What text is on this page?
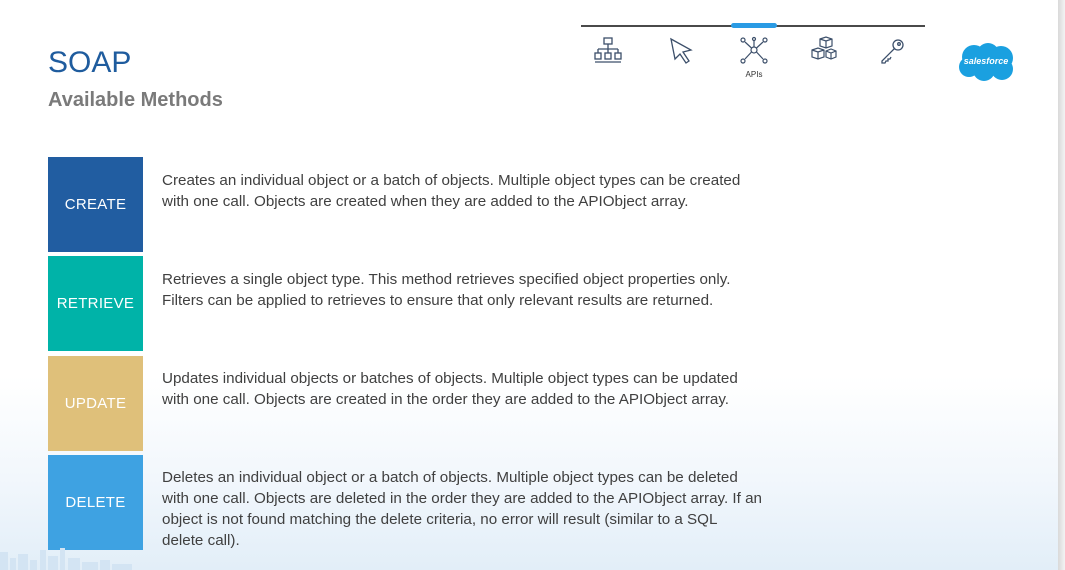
SOAP
Available Methods
APIs
salesforce
CREATE
Creates an individual object or a batch of objects. Multiple object types can be created with one call. Objects are created when they are added to the APIObject array.
RETRIEVE
Retrieves a single object type. This method retrieves specified object properties only. Filters can be applied to retrieves to ensure that only relevant results are returned.
UPDATE
Updates individual objects or batches of objects. Multiple object types can be updated with one call. Objects are created in the order they are added to the APIObject array.
DELETE
Deletes an individual object or a batch of objects. Multiple object types can be deleted with one call. Objects are deleted in the order they are added to the APIObject array. If an object is not found matching the delete criteria, no error will result (similar to a SQL delete call).
